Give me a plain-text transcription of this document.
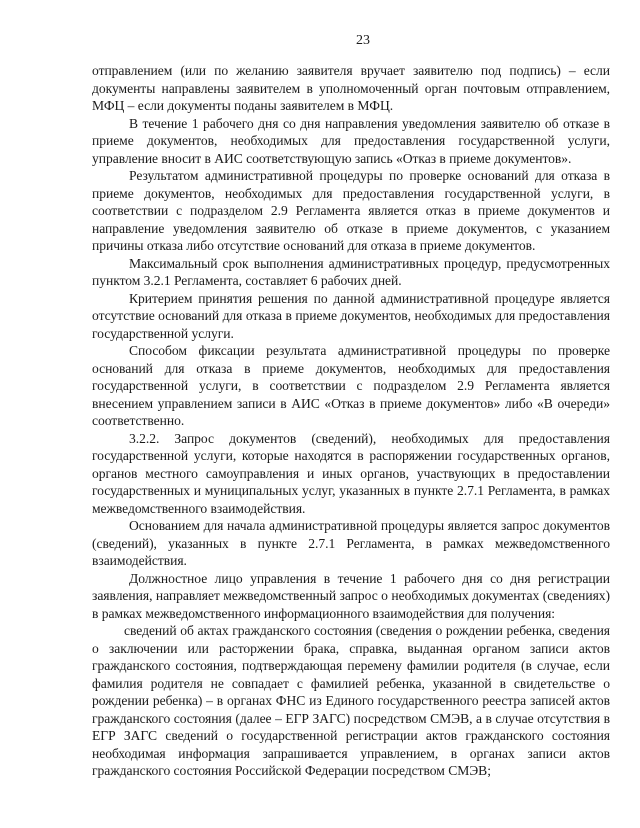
23

отправлением (или по желанию заявителя вручает заявителю под подпись) – если документы направлены заявителем в уполномоченный орган почтовым отправлением, МФЦ – если документы поданы заявителем в МФЦ.

В течение 1 рабочего дня со дня направления уведомления заявителю об отказе в приеме документов, необходимых для предоставления государственной услуги, управление вносит в АИС соответствующую запись «Отказ в приеме документов».

Результатом административной процедуры по проверке оснований для отказа в приеме документов, необходимых для предоставления государственной услуги, в соответствии с подразделом 2.9 Регламента является отказ в приеме документов и направление уведомления заявителю об отказе в приеме документов, с указанием причины отказа либо отсутствие оснований для отказа в приеме документов.

Максимальный срок выполнения административных процедур, предусмотренных пунктом 3.2.1 Регламента, составляет 6 рабочих дней.

Критерием принятия решения по данной административной процедуре является отсутствие оснований для отказа в приеме документов, необходимых для предоставления государственной услуги.

Способом фиксации результата административной процедуры по проверке оснований для отказа в приеме документов, необходимых для предоставления государственной услуги, в соответствии с подразделом 2.9 Регламента является внесением управлением записи в АИС «Отказ в приеме документов» либо «В очереди» соответственно.

3.2.2. Запрос документов (сведений), необходимых для предоставления государственной услуги, которые находятся в распоряжении государственных органов, органов местного самоуправления и иных органов, участвующих в предоставлении государственных и муниципальных услуг, указанных в пункте 2.7.1 Регламента, в рамках межведомственного взаимодействия.

Основанием для начала административной процедуры является запрос документов (сведений), указанных в пункте 2.7.1 Регламента, в рамках межведомственного взаимодействия.

Должностное лицо управления в течение 1 рабочего дня со дня регистрации заявления, направляет межведомственный запрос о необходимых документах (сведениях) в рамках межведомственного информационного взаимодействия для получения:

сведений об актах гражданского состояния (сведения о рождении ребенка, сведения о заключении или расторжении брака, справка, выданная органом записи актов гражданского состояния, подтверждающая перемену фамилии родителя (в случае, если фамилия родителя не совпадает с фамилией ребенка, указанной в свидетельстве о рождении ребенка) – в органах ФНС из Единого государственного реестра записей актов гражданского состояния (далее – ЕГР ЗАГС) посредством СМЭВ, а в случае отсутствия в ЕГР ЗАГС сведений о государственной регистрации актов гражданского состояния необходимая информация запрашивается управлением, в органах записи актов гражданского состояния Российской Федерации посредством СМЭВ;
